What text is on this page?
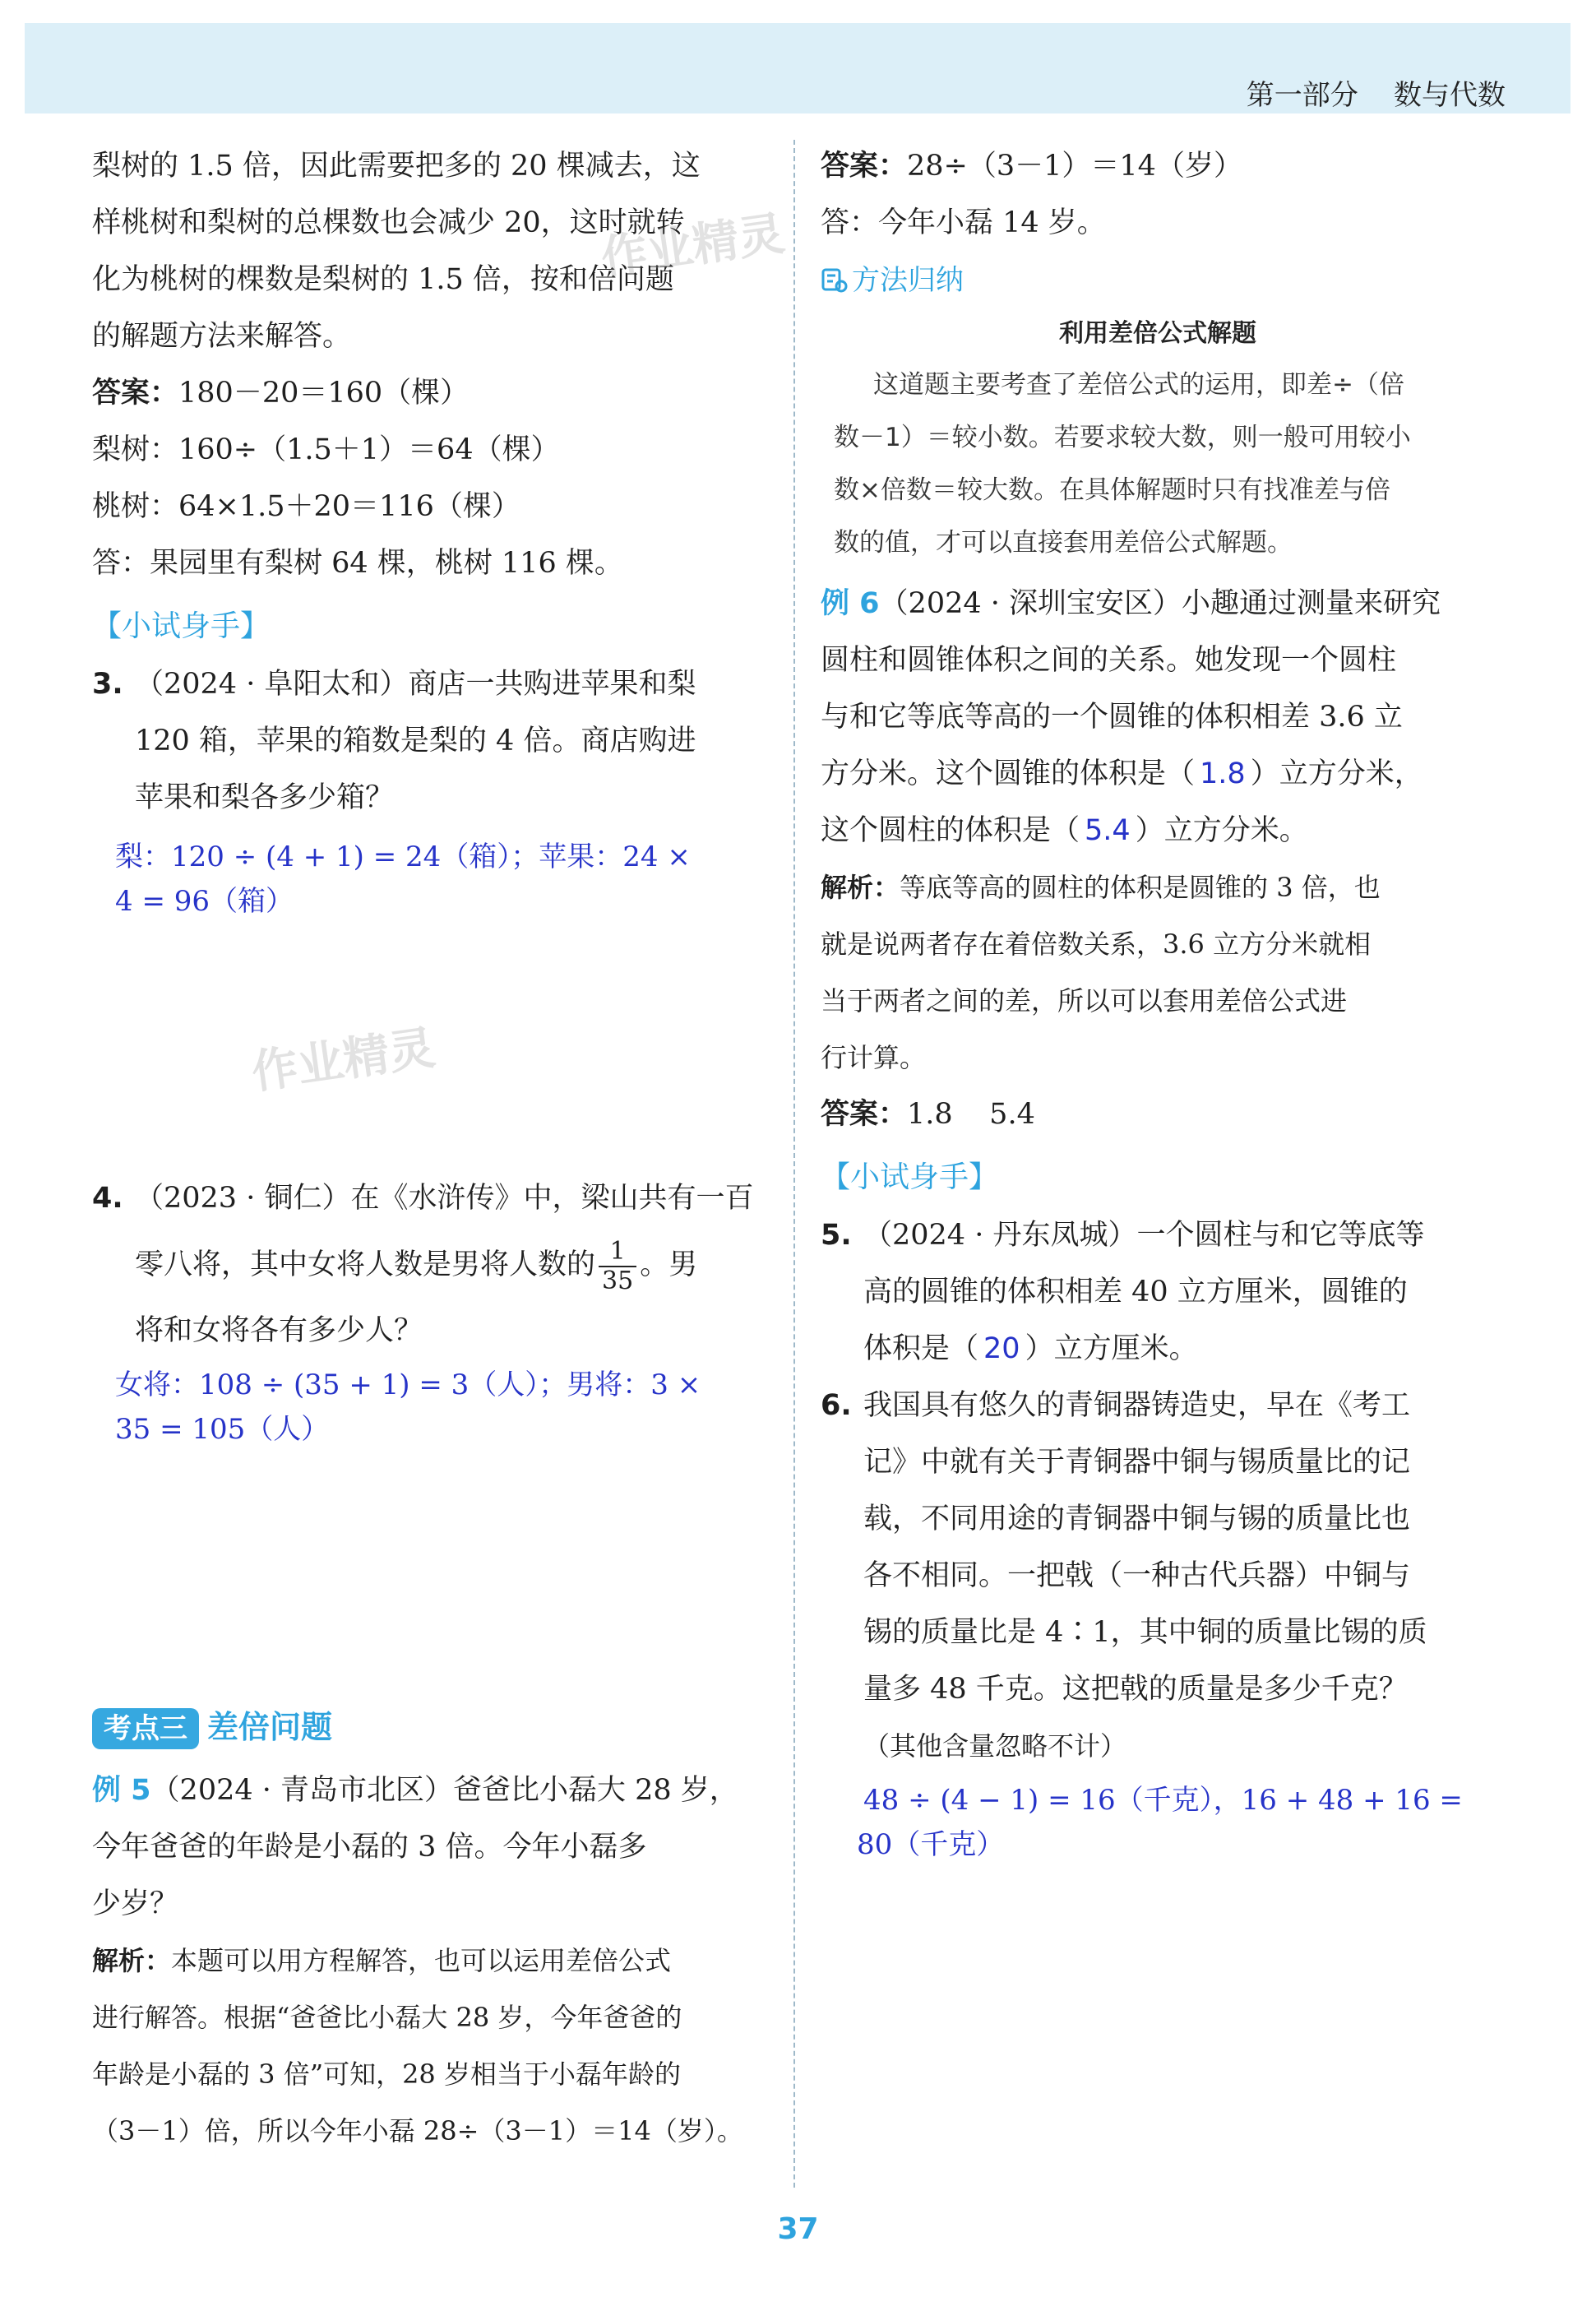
第一部分    数与代数
梨树的 1.5 倍，因此需要把多的 20 棵减去，这
样桃树和梨树的总棵数也会减少 20，这时就转
化为桃树的棵数是梨树的 1.5 倍，按和倍问题
的解题方法来解答。
答案：180－20＝160（棵）
梨树：160÷（1.5＋1）＝64（棵）
桃树：64×1.5＋20＝116（棵）
答：果园里有梨树 64 棵，桃树 116 棵。
【小试身手】
3. （2024 · 阜阳太和）商店一共购进苹果和梨
120 箱，苹果的箱数是梨的 4 倍。商店购进
苹果和梨各多少箱？
梨：120 ÷ (4 + 1) = 24（箱）；苹果：24 ×
4 = 96（箱）
4. （2023 · 铜仁）在《水浒传》中，梁山共有一百
零八将，其中女将人数是男将人数的 $\frac{1}{35}$ 。男
将和女将各有多少人？
女将：108 ÷ (35 + 1) = 3（人）；男将：3 ×
35 = 105（人）
考点三 差倍问题
例 5（2024 · 青岛市北区）爸爸比小磊大 28 岁，
今年爸爸的年龄是小磊的 3 倍。今年小磊多
少岁？
解析：本题可以用方程解答，也可以运用差倍公式
进行解答。根据“爸爸比小磊大 28 岁，今年爸爸的
年龄是小磊的 3 倍”可知，28 岁相当于小磊年龄的
（3－1）倍，所以今年小磊 28÷（3－1）＝14（岁）。
答案：28÷（3－1）＝14（岁）
答：今年小磊 14 岁。
方法归纳
利用差倍公式解题
这道题主要考查了差倍公式的运用，即差÷（倍
数－1）＝较小数。若要求较大数，则一般可用较小
数×倍数＝较大数。在具体解题时只有找准差与倍
数的值，才可以直接套用差倍公式解题。
例 6（2024 · 深圳宝安区）小趣通过测量来研究
圆柱和圆锥体积之间的关系。她发现一个圆柱
与和它等底等高的一个圆锥的体积相差 3.6 立
方分米。这个圆锥的体积是（ 1.8 ）立方分米，
这个圆柱的体积是（ 5.4 ）立方分米。
解析：等底等高的圆柱的体积是圆锥的 3 倍，也
就是说两者存在着倍数关系，3.6 立方分米就相
当于两者之间的差，所以可以套用差倍公式进
行计算。
答案：1.8    5.4
【小试身手】
5. （2024 · 丹东凤城）一个圆柱与和它等底等
高的圆锥的体积相差 40 立方厘米，圆锥的
体积是（ 20 ）立方厘米。
6. 我国具有悠久的青铜器铸造史，早在《考工
记》中就有关于青铜器中铜与锡质量比的记
载，不同用途的青铜器中铜与锡的质量比也
各不相同。一把戟（一种古代兵器）中铜与
锡的质量比是 4∶1，其中铜的质量比锡的质
量多 48 千克。这把戟的质量是多少千克？
（其他含量忽略不计）
48 ÷ (4 − 1) = 16（千克），16 + 48 + 16 =
80（千克）
作业精灵
作业精灵
37
